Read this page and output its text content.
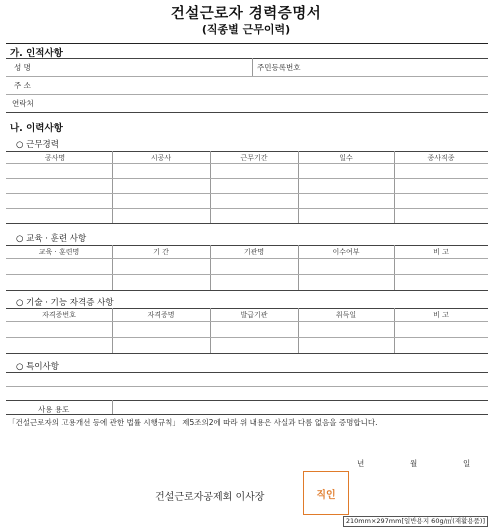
건설근로자 경력증명서
(직종별 근무이력)
가. 인적사항
성 명	주민등록번호
주 소
연락처
나. 이력사항
○ 근무경력
공사명	시공사	근무기간	일수	종사직종
○ 교육 · 훈련 사항
교육 · 훈련명	기 간	기관명	이수여부	비 고
○ 기술 · 기능 자격증 사항
자격증번호	자격증명	발급기관	취득일	비 고
○ 특이사항
사용 용도
「건설근로자의 고용개선 등에 관한 법률 시행규칙」 제5조의2에 따라 위 내용은 사실과 다름 없음을 증명합니다.
년	월	일
건설근로자공제회 이사장	직인
210mm×297mm[일반용지 60g/㎡(재활용품)]
